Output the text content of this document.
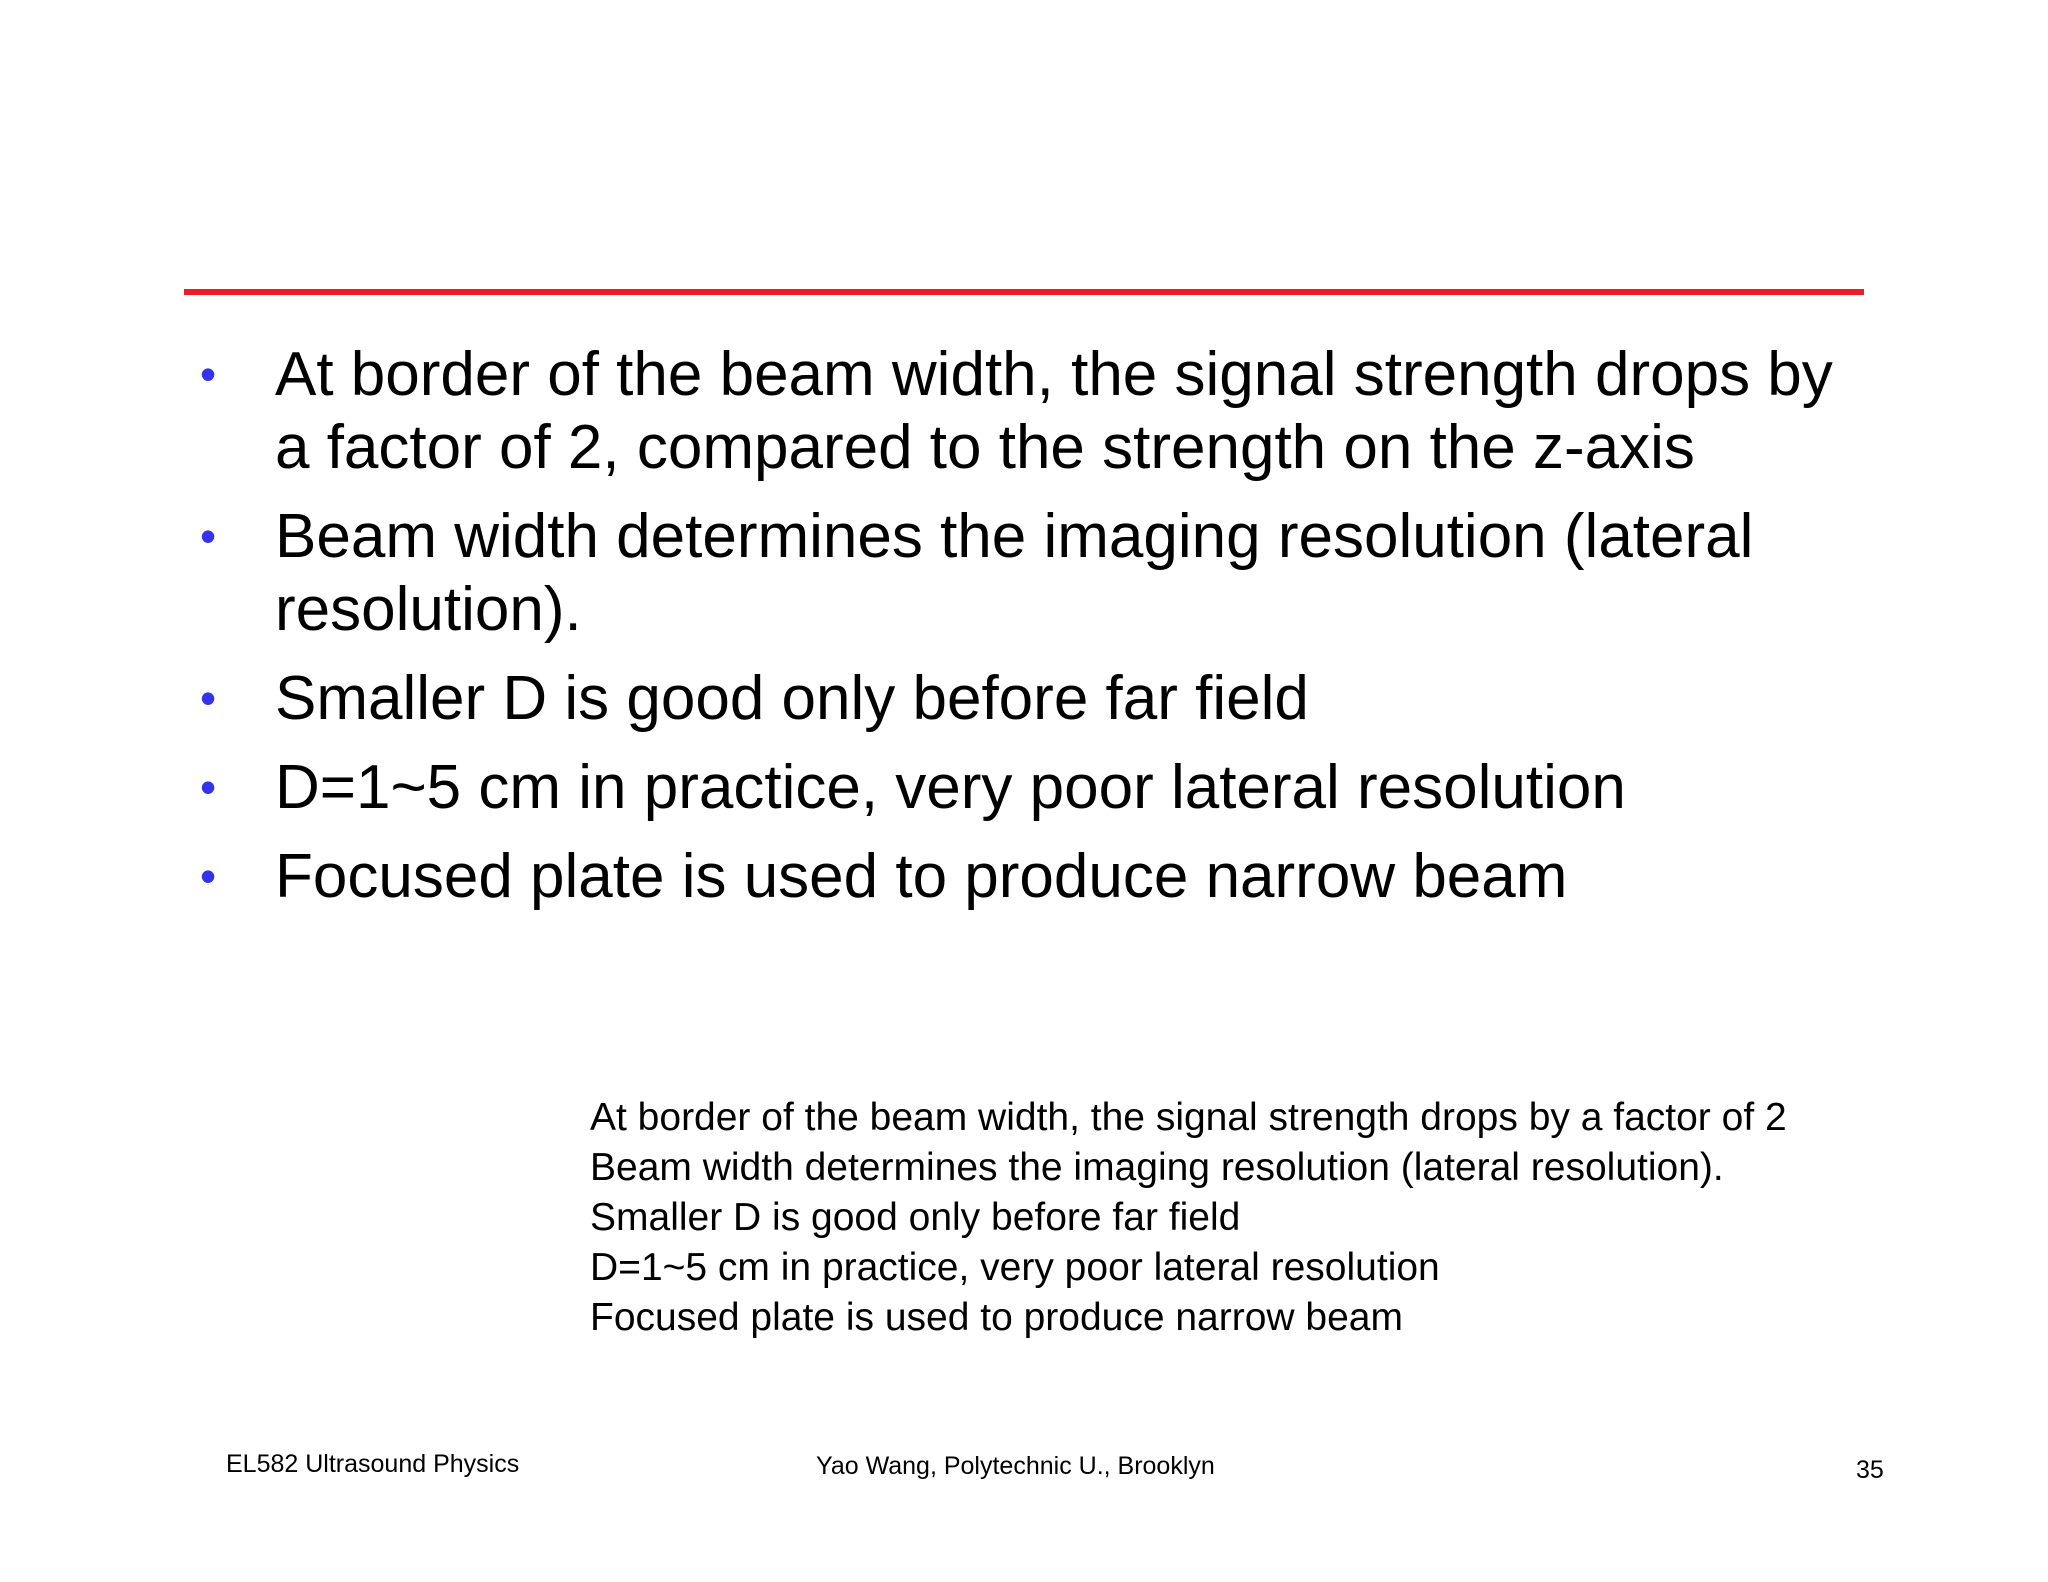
• At border of the beam width, the signal strength drops by a factor of 2, compared to the strength on the z-axis
• Beam width determines the imaging resolution (lateral resolution).
• Smaller D is good only before far field
• D=1~5 cm in practice, very poor lateral resolution
• Focused plate is used to produce narrow beam
At border of the beam width, the signal strength drops by a factor of 2
Beam width determines the imaging resolution (lateral resolution).
Smaller D is good only before far field
D=1~5 cm in practice, very poor lateral resolution
Focused plate is used to produce narrow beam
EL582 Ultrasound Physics	Yao Wang, Polytechnic U., Brooklyn	35
